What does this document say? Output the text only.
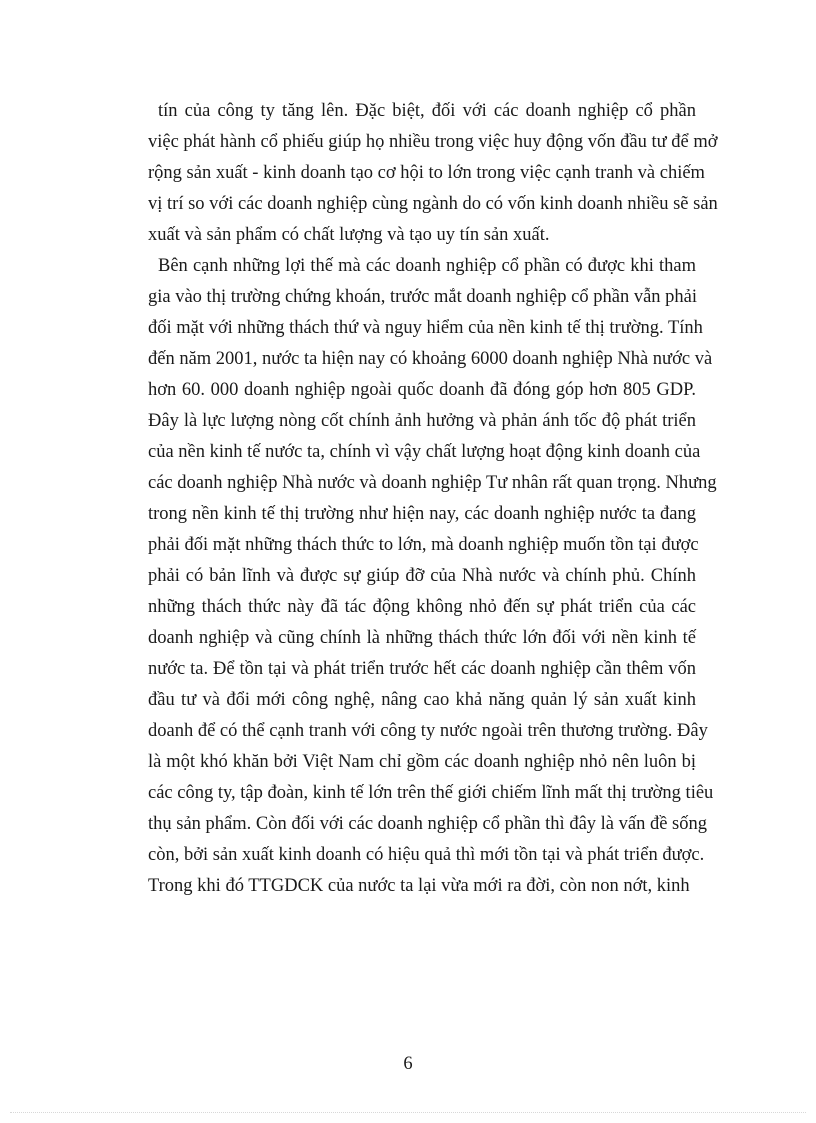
tín của công ty tăng lên. Đặc biệt, đối với các doanh nghiệp cổ phần
việc phát hành cổ phiếu giúp họ nhiều trong việc huy động vốn đầu tư để mở
rộng sản xuất - kinh doanh tạo cơ hội to lớn trong việc cạnh tranh và chiếm
vị trí so với các doanh nghiệp cùng ngành do có vốn kinh doanh nhiều sẽ sản
xuất và sản phẩm có chất lượng và tạo uy tín sản xuất.
Bên cạnh những lợi thế mà các doanh nghiệp cổ phần có được khi tham
gia vào thị trường chứng khoán, trước mắt doanh nghiệp cổ phần vẫn phải
đối mặt với những thách thứ và nguy hiểm của nền kinh tế thị trường. Tính
đến năm 2001, nước ta hiện nay có khoảng 6000 doanh nghiệp Nhà nước và
hơn 60. 000 doanh nghiệp ngoài quốc doanh đã đóng góp hơn 805 GDP.
Đây là lực lượng nòng cốt chính ảnh hưởng và phản ánh tốc độ phát triển
của nền kinh tế nước ta, chính vì vậy chất lượng hoạt động kinh doanh của
các doanh nghiệp Nhà nước và doanh nghiệp Tư nhân rất quan trọng. Nhưng
trong nền kinh tế thị trường như hiện nay, các doanh nghiệp nước ta đang
phải đối mặt những thách thức to lớn, mà doanh nghiệp muốn tồn tại được
phải có bản lĩnh và được sự giúp đỡ của Nhà nước và chính phủ. Chính
những thách thức này đã tác động không nhỏ đến sự phát triển của các
doanh nghiệp và cũng chính là những thách thức lớn đối với nền kinh tế
nước ta. Để tồn tại và phát triển trước hết các doanh nghiệp cần thêm vốn
đầu tư và đổi mới công nghệ, nâng cao khả năng quản lý sản xuất kinh
doanh để có thể cạnh tranh với công ty nước ngoài trên thương trường. Đây
là một khó khăn bởi Việt Nam chỉ gồm các doanh nghiệp nhỏ nên luôn bị
các công ty, tập đoàn, kinh tế lớn trên thế giới chiếm lĩnh mất thị trường tiêu
thụ sản phẩm. Còn đối với các doanh nghiệp cổ phần thì đây là vấn đề sống
còn, bởi sản xuất kinh doanh có hiệu quả thì mới tồn tại và phát triển được.
Trong khi đó TTGDCK của nước ta lại vừa mới ra đời, còn non nớt, kinh
6
